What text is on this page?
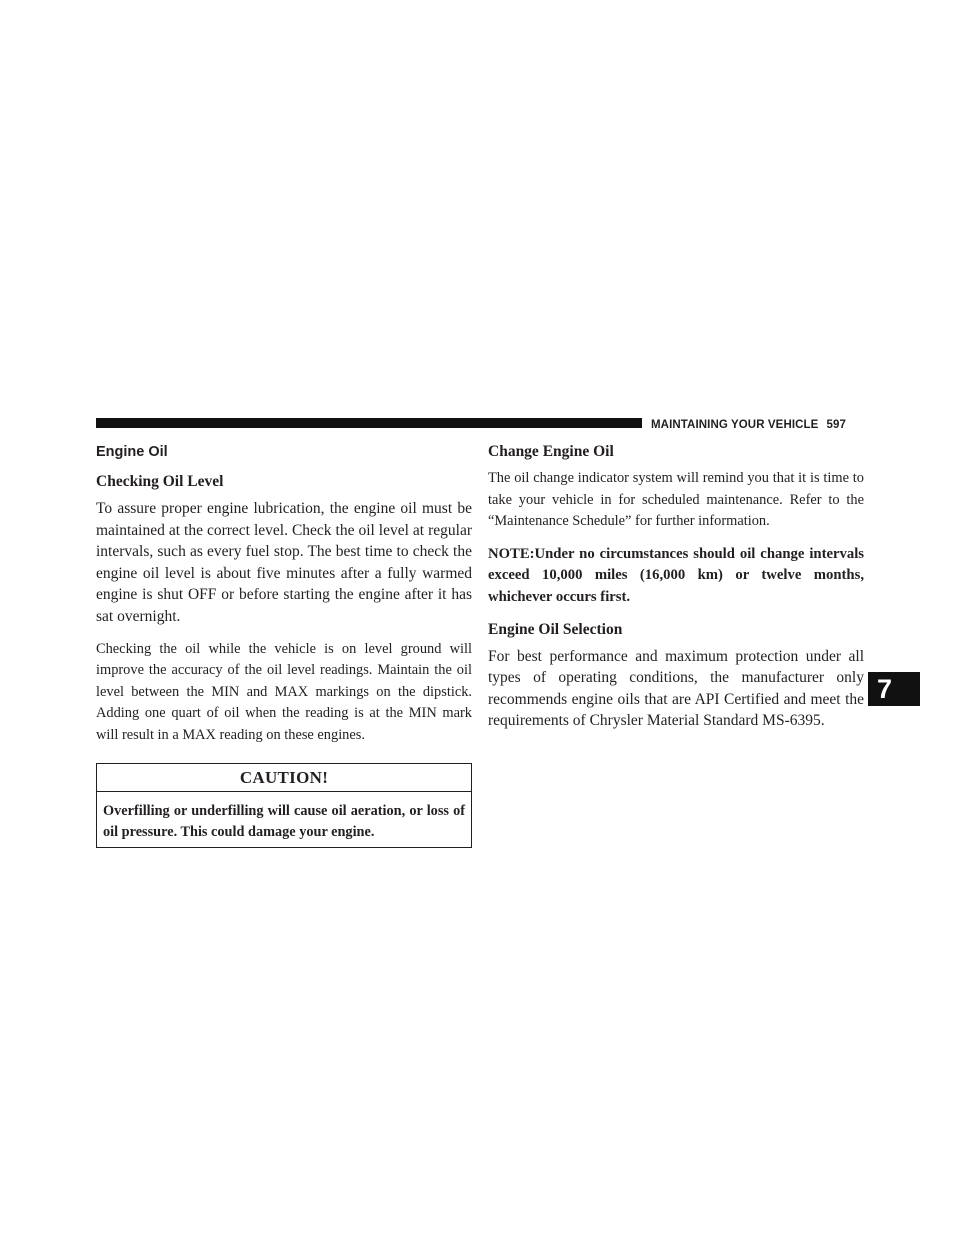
MAINTAINING YOUR VEHICLE 597
Engine Oil
Checking Oil Level

To assure proper engine lubrication, the engine oil must be maintained at the correct level. Check the oil level at regular intervals, such as every fuel stop. The best time to check the engine oil level is about five minutes after a fully warmed engine is shut OFF or before starting the engine after it has sat overnight.

Checking the oil while the vehicle is on level ground will improve the accuracy of the oil level readings. Maintain the oil level between the MIN and MAX markings on the dipstick. Adding one quart of oil when the reading is at the MIN mark will result in a MAX reading on these engines.

CAUTION!
Overfilling or underfilling will cause oil aeration, or loss of oil pressure. This could damage your engine.
Change Engine Oil

The oil change indicator system will remind you that it is time to take your vehicle in for scheduled maintenance. Refer to the “Maintenance Schedule” for further information.

NOTE:Under no circumstances should oil change intervals exceed 10,000 miles (16,000 km) or twelve months, whichever occurs first.

Engine Oil Selection

For best performance and maximum protection under all types of operating conditions, the manufacturer only recommends engine oils that are API Certified and meet the requirements of Chrysler Material Standard MS-6395.

7
